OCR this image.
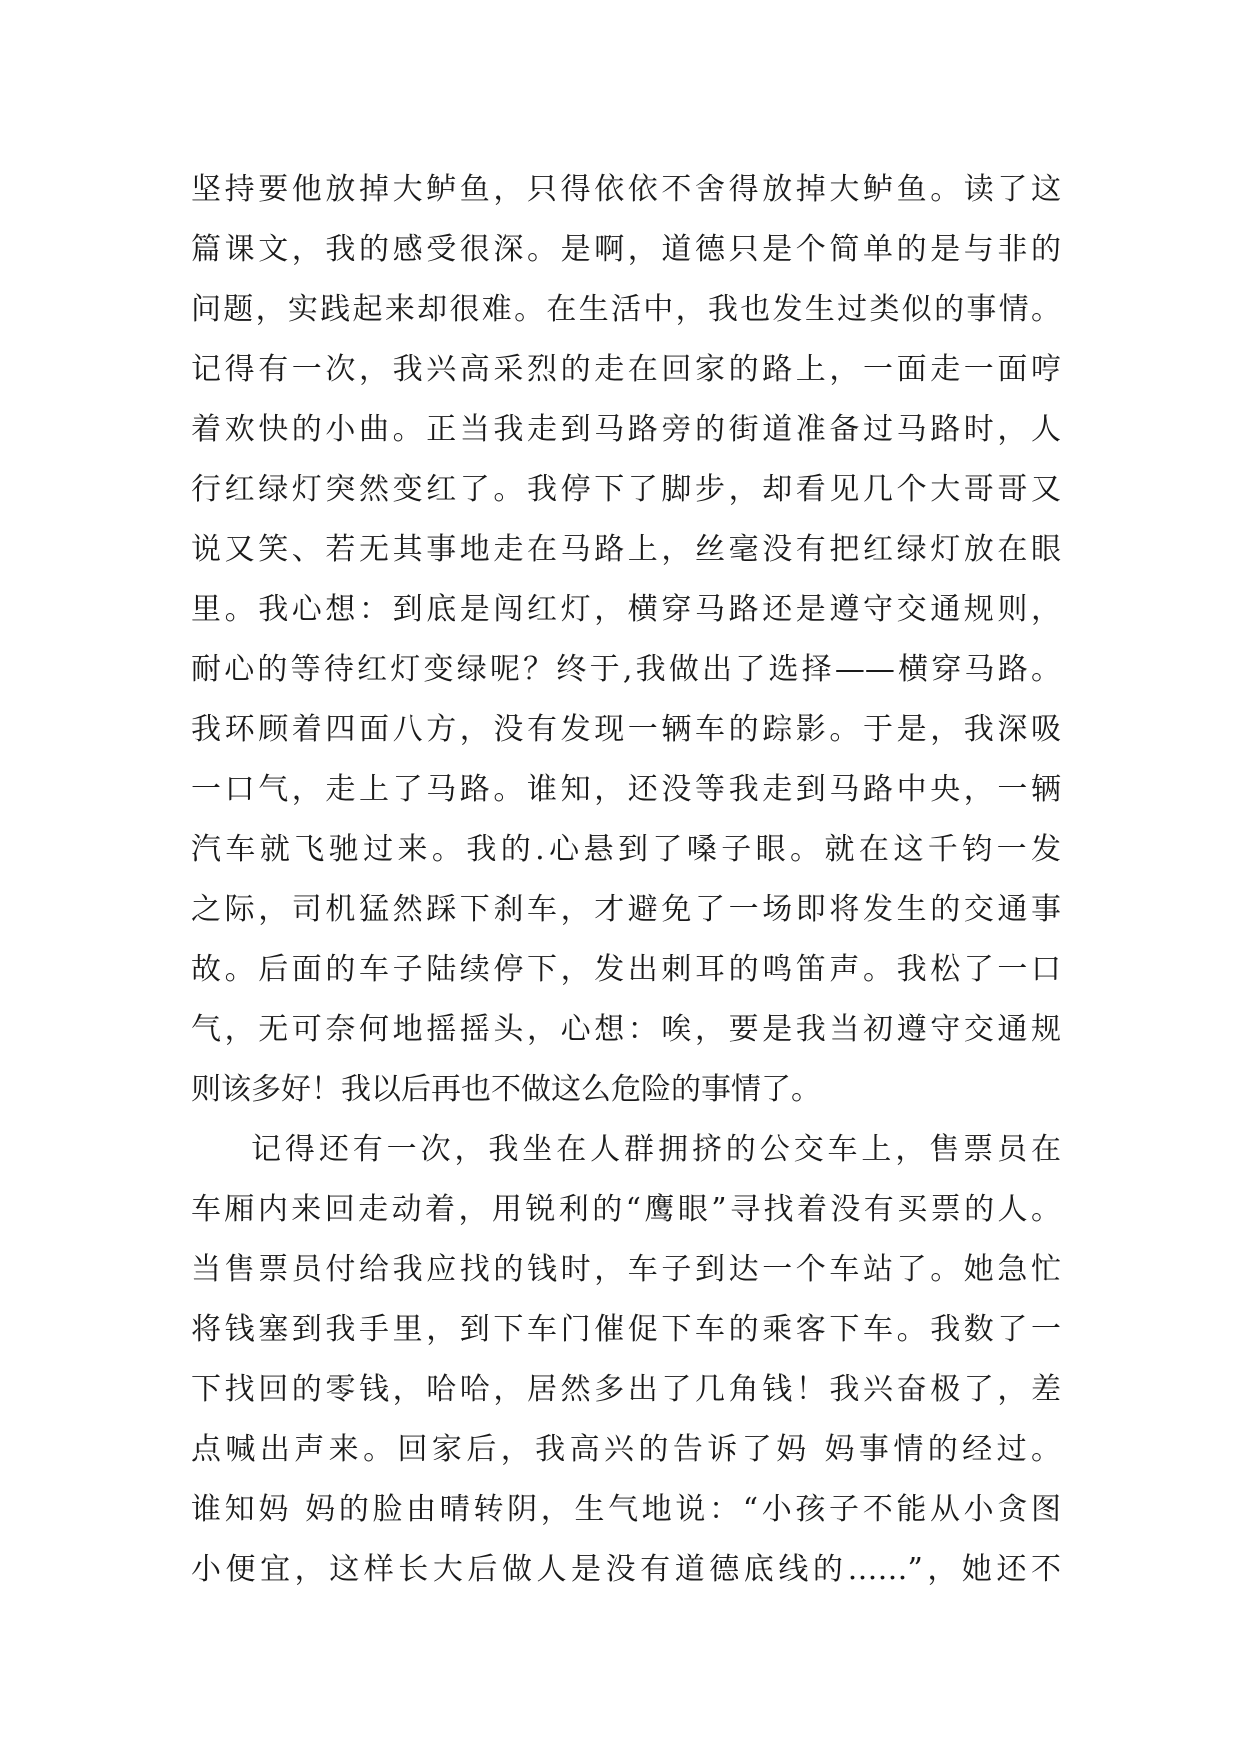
坚持要他放掉大鲈鱼，只得依依不舍得放掉大鲈鱼。读了这
篇课文，我的感受很深。是啊，道德只是个简单的是与非的
问题，实践起来却很难。在生活中，我也发生过类似的事情。
记得有一次，我兴高采烈的走在回家的路上，一面走一面哼
着欢快的小曲。正当我走到马路旁的街道准备过马路时，人
行红绿灯突然变红了。我停下了脚步，却看见几个大哥哥又
说又笑、若无其事地走在马路上，丝毫没有把红绿灯放在眼
里。我心想：到底是闯红灯，横穿马路还是遵守交通规则，
耐心的等待红灯变绿呢？终于,我做出了选择——横穿马路。
我环顾着四面八方，没有发现一辆车的踪影。于是，我深吸
一口气，走上了马路。谁知，还没等我走到马路中央，一辆
汽车就飞驰过来。我的.心悬到了嗓子眼。就在这千钧一发
之际，司机猛然踩下刹车，才避免了一场即将发生的交通事
故。后面的车子陆续停下，发出刺耳的鸣笛声。我松了一口
气，无可奈何地摇摇头，心想：唉，要是我当初遵守交通规
则该多好！我以后再也不做这么危险的事情了。
记得还有一次，我坐在人群拥挤的公交车上，售票员在
车厢内来回走动着，用锐利的“鹰眼”寻找着没有买票的人。
当售票员付给我应找的钱时，车子到达一个车站了。她急忙
将钱塞到我手里，到下车门催促下车的乘客下车。我数了一
下找回的零钱，哈哈，居然多出了几角钱！我兴奋极了，差
点喊出声来。回家后，我高兴的告诉了妈 妈事情的经过。
谁知妈 妈的脸由晴转阴，生气地说：“小孩子不能从小贪图
小便宜，这样长大后做人是没有道德底线的……”，她还不
